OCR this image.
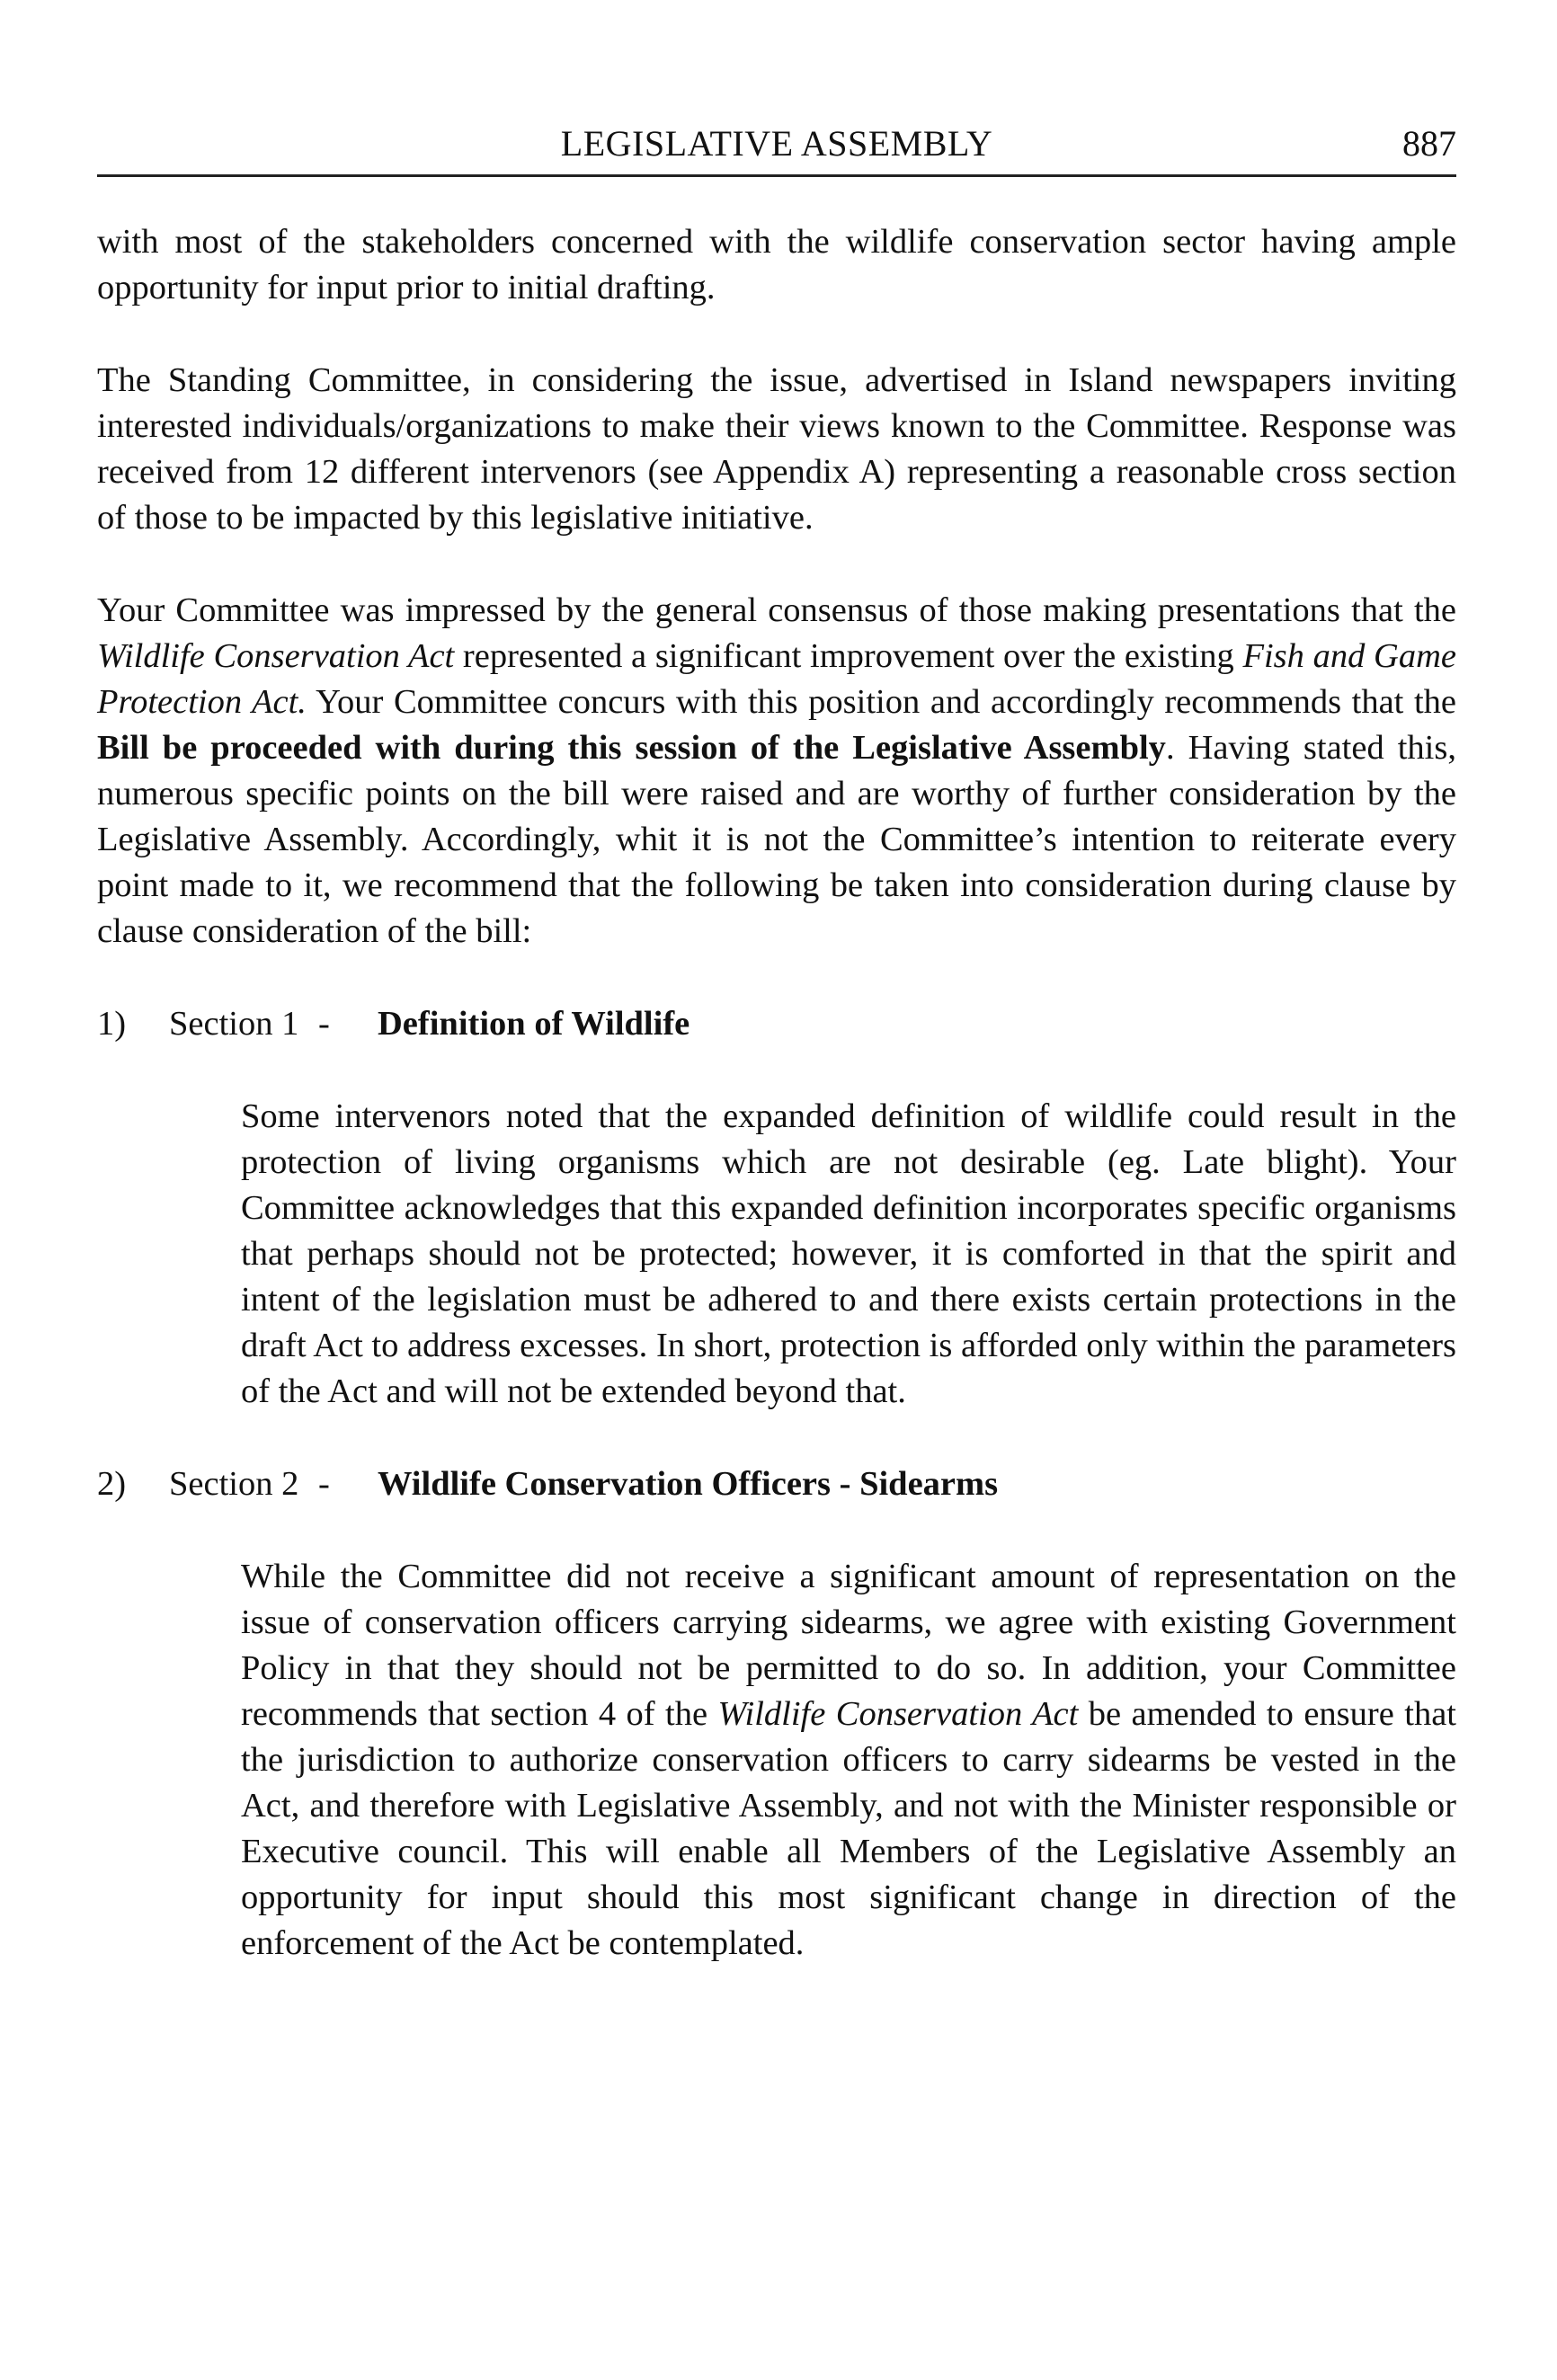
LEGISLATIVE ASSEMBLY	887

with most of the stakeholders concerned with the wildlife conservation sector having ample opportunity for input prior to initial drafting.

The Standing Committee, in considering the issue, advertised in Island newspapers inviting interested individuals/organizations to make their views known to the Committee. Response was received from 12 different intervenors (see Appendix A) representing a reasonable cross section of those to be impacted by this legislative initiative.

Your Committee was impressed by the general consensus of those making presentations that the Wildlife Conservation Act represented a significant improvement over the existing Fish and Game Protection Act. Your Committee concurs with this position and accordingly recommends that the Bill be proceeded with during this session of the Legislative Assembly. Having stated this, numerous specific points on the bill were raised and are worthy of further consideration by the Legislative Assembly. Accordingly, whit it is not the Committee’s intention to reiterate every point made to it, we recommend that the following be taken into consideration during clause by clause consideration of the bill:

1)	Section 1 -	Definition of Wildlife

Some intervenors noted that the expanded definition of wildlife could result in the protection of living organisms which are not desirable (eg. Late blight). Your Committee acknowledges that this expanded definition incorporates specific organisms that perhaps should not be protected; however, it is comforted in that the spirit and intent of the legislation must be adhered to and there exists certain protections in the draft Act to address excesses. In short, protection is afforded only within the parameters of the Act and will not be extended beyond that.

2)	Section 2 -	Wildlife Conservation Officers - Sidearms

While the Committee did not receive a significant amount of representation on the issue of conservation officers carrying sidearms, we agree with existing Government Policy in that they should not be permitted to do so. In addition, your Committee recommends that section 4 of the Wildlife Conservation Act be amended to ensure that the jurisdiction to authorize conservation officers to carry sidearms be vested in the Act, and therefore with Legislative Assembly, and not with the Minister responsible or Executive council. This will enable all Members of the Legislative Assembly an opportunity for input should this most significant change in direction of the enforcement of the Act be contemplated.
